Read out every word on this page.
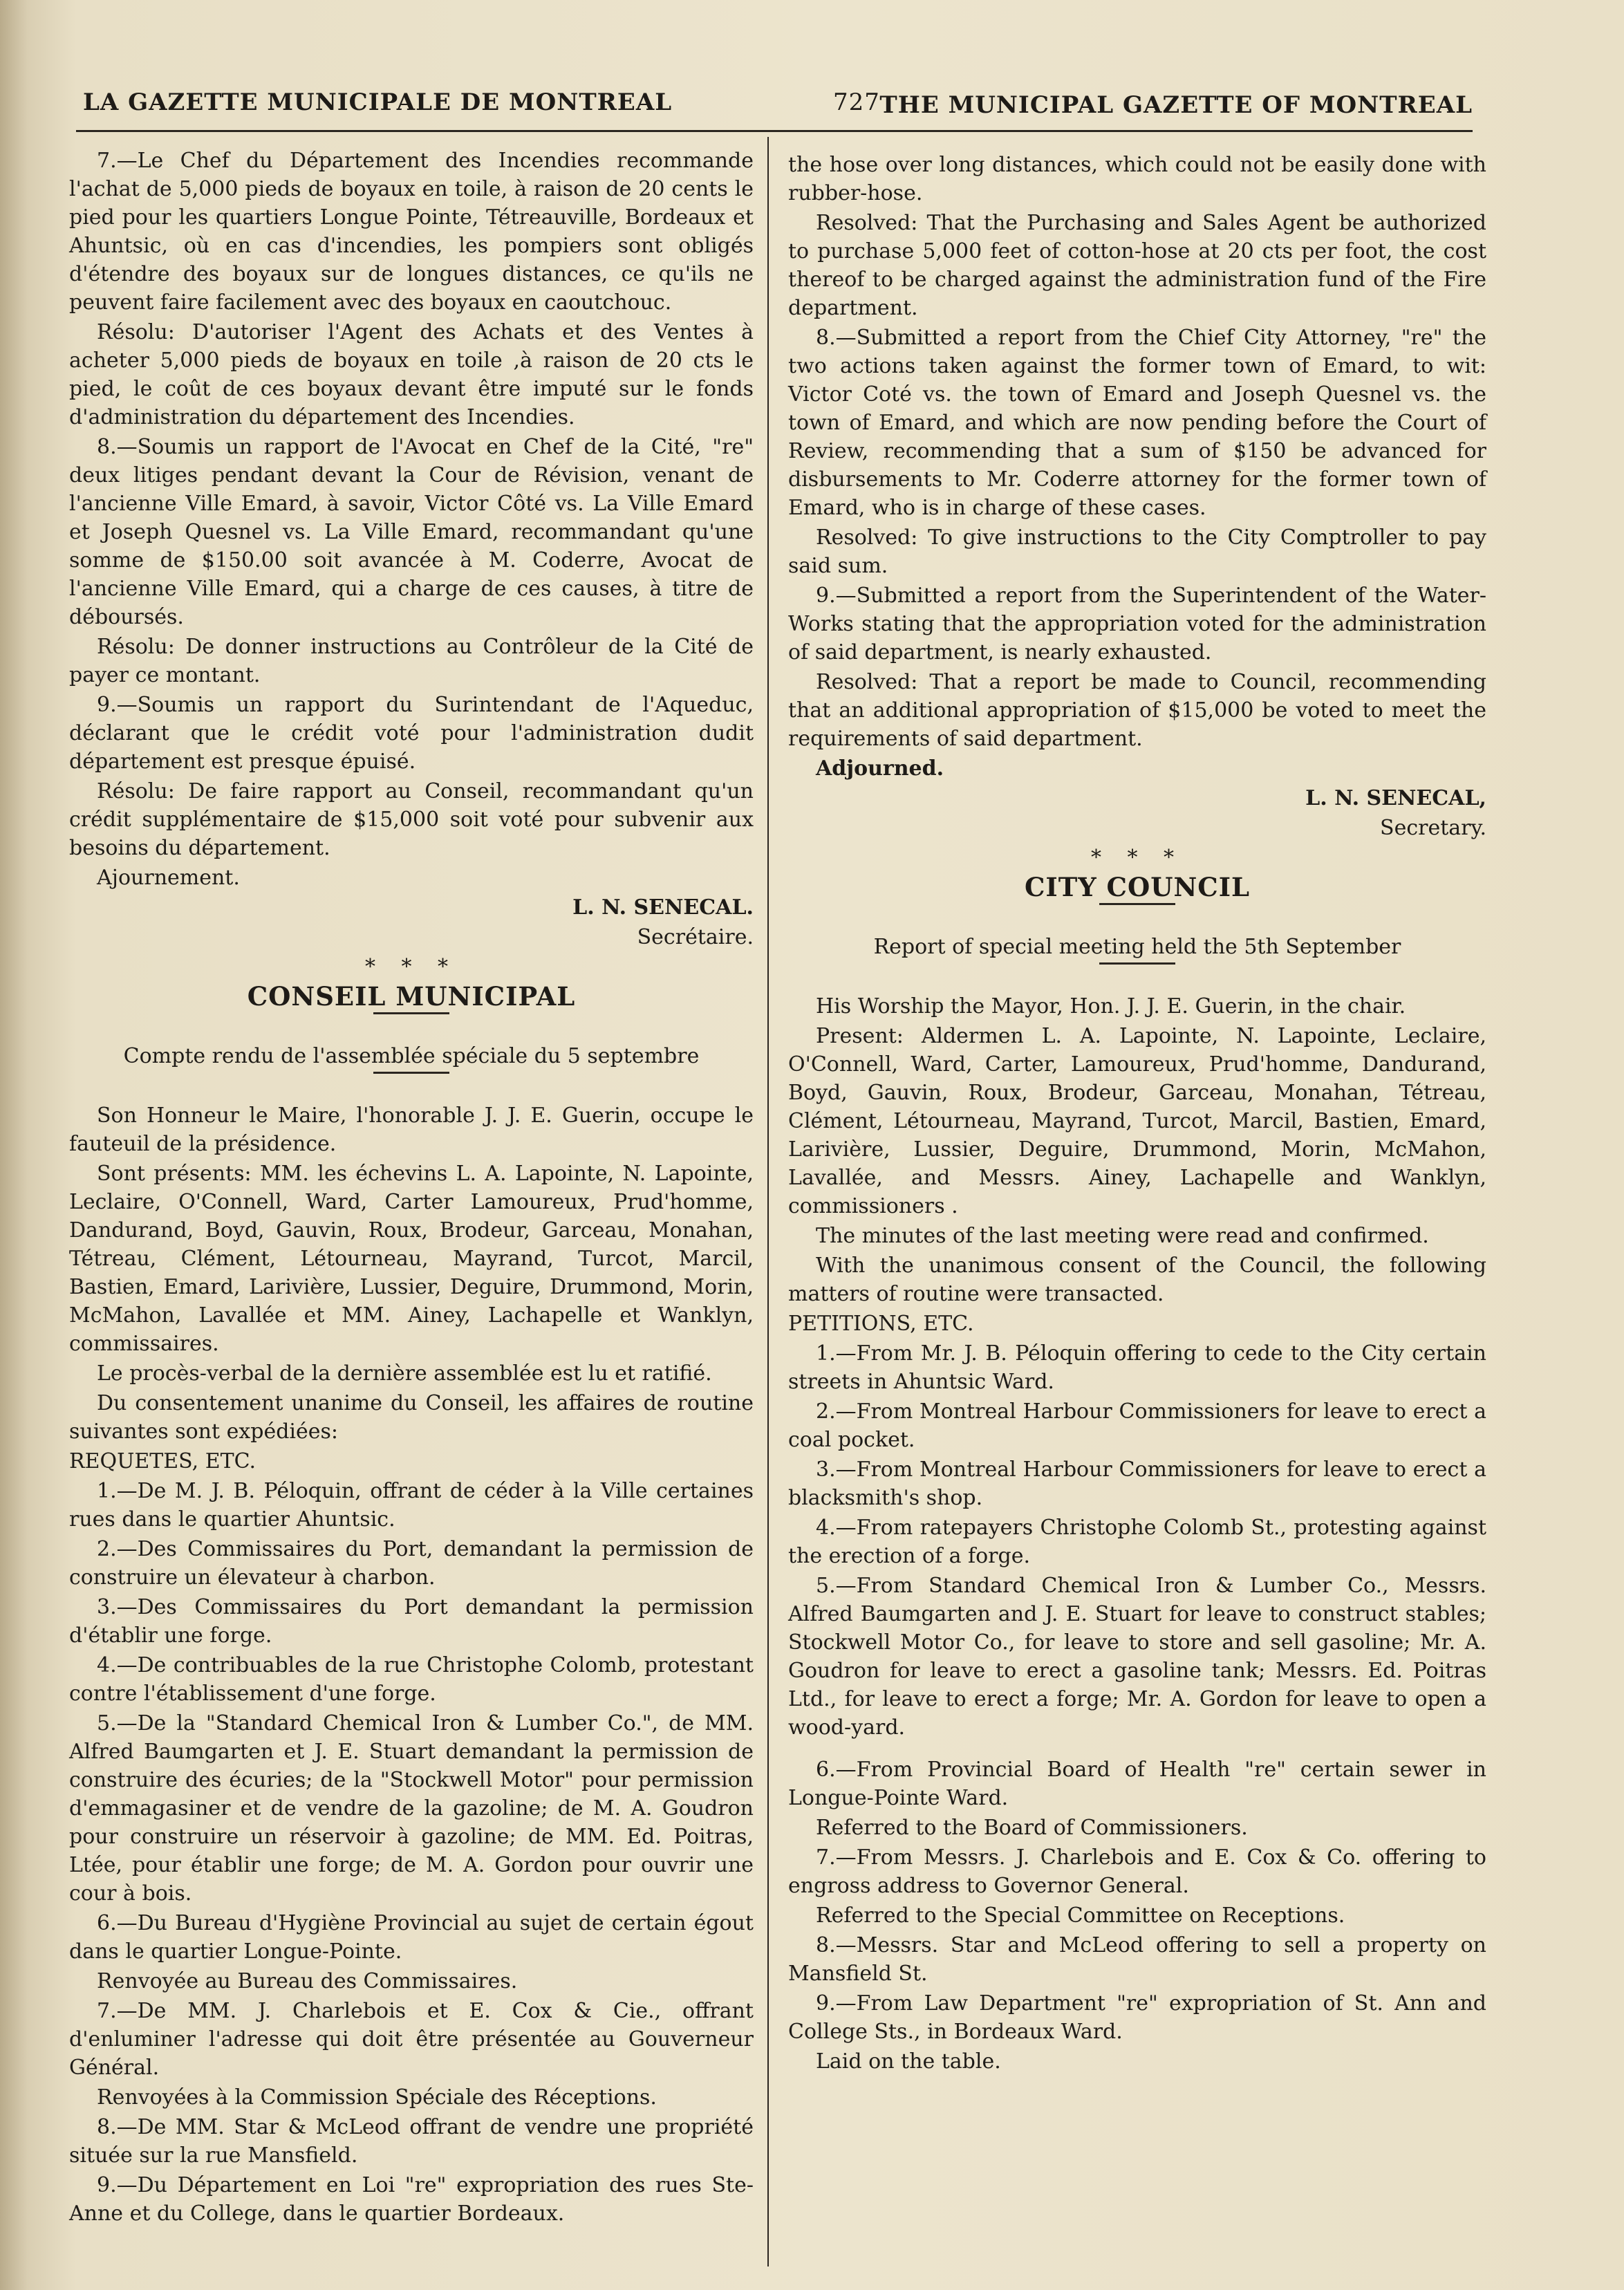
LA GAZETTE MUNICIPALE DE MONTREAL	727 THE MUNICIPAL GAZETTE OF MONTREAL

7.—Le Chef du Département des Incendies recommande l'achat de 5,000 pieds de boyaux en toile, à raison de 20 cents le pied pour les quartiers Longue Pointe, Tétreauville, Bordeaux et Ahuntsic, où en cas d'incendies, les pompiers sont obligés d'étendre des boyaux sur de longues distances, ce qu'ils ne peuvent faire facilement avec des boyaux en caoutchouc.

Résolu: D'autoriser l'Agent des Achats et des Ventes à acheter 5,000 pieds de boyaux en toile ,à raison de 20 cts le pied, le coût de ces boyaux devant être imputé sur le fonds d'administration du département des Incendies.

8.—Soumis un rapport de l'Avocat en Chef de la Cité, "re" deux litiges pendant devant la Cour de Révision, venant de l'ancienne Ville Emard, à savoir, Victor Côté vs. La Ville Emard et Joseph Quesnel vs. La Ville Emard, recommandant qu'une somme de $150.00 soit avancée à M. Coderre, Avocat de l'ancienne Ville Emard, qui a charge de ces causes, à titre de déboursés.

Résolu: De donner instructions au Contrôleur de la Cité de payer ce montant.

9.—Soumis un rapport du Surintendant de l'Aqueduc, déclarant que le crédit voté pour l'administration dudit département est presque épuisé.

Résolu: De faire rapport au Conseil, recommandant qu'un crédit supplémentaire de $15,000 soit voté pour subvenir aux besoins du département.

Ajournement.

L. N. SENECAL.

Secrétaire.

* * *

CONSEIL MUNICIPAL

Compte rendu de l'assemblée spéciale du 5 septembre

Son Honneur le Maire, l'honorable J. J. E. Guerin, occupe le fauteuil de la présidence.

Sont présents: MM. les échevins L. A. Lapointe, N. Lapointe, Leclaire, O'Connell, Ward, Carter Lamoureux, Prud'homme, Dandurand, Boyd, Gauvin, Roux, Brodeur, Garceau, Monahan, Tétreau, Clément, Létourneau, Mayrand, Turcot, Marcil, Bastien, Emard, Larivière, Lussier, Deguire, Drummond, Morin, McMahon, Lavallée et MM. Ainey, Lachapelle et Wanklyn, commissaires.

Le procès-verbal de la dernière assemblée est lu et ratifié.

Du consentement unanime du Conseil, les affaires de routine suivantes sont expédiées:

REQUETES, ETC.

1.—De M. J. B. Péloquin, offrant de céder à la Ville certaines rues dans le quartier Ahuntsic.

2.—Des Commissaires du Port, demandant la permission de construire un élevateur à charbon.

3.—Des Commissaires du Port demandant la permission d'établir une forge.

4.—De contribuables de la rue Christophe Colomb, protestant contre l'établissement d'une forge.

5.—De la "Standard Chemical Iron & Lumber Co.", de MM. Alfred Baumgarten et J. E. Stuart demandant la permission de construire des écuries; de la "Stockwell Motor" pour permission d'emmagasiner et de vendre de la gazoline; de M. A. Goudron pour construire un réservoir à gazoline; de MM. Ed. Poitras, Ltée, pour établir une forge; de M. A. Gordon pour ouvrir une cour à bois.

6.—Du Bureau d'Hygiène Provincial au sujet de certain égout dans le quartier Longue-Pointe.

Renvoyée au Bureau des Commissaires.

7.—De MM. J. Charlebois et E. Cox & Cie., offrant d'enluminer l'adresse qui doit être présentée au Gouverneur Général.

Renvoyées à la Commission Spéciale des Réceptions.

8.—De MM. Star & McLeod offrant de vendre une propriété située sur la rue Mansfield.

9.—Du Département en Loi "re" expropriation des rues Ste-Anne et du College, dans le quartier Bordeaux.

the hose over long distances, which could not be easily done with rubber-hose.

Resolved: That the Purchasing and Sales Agent be authorized to purchase 5,000 feet of cotton-hose at 20 cts per foot, the cost thereof to be charged against the administration fund of the Fire department.

8.—Submitted a report from the Chief City Attorney, "re" the two actions taken against the former town of Emard, to wit: Victor Coté vs. the town of Emard and Joseph Quesnel vs. the town of Emard, and which are now pending before the Court of Review, recommending that a sum of $150 be advanced for disbursements to Mr. Coderre attorney for the former town of Emard, who is in charge of these cases.

Resolved: To give instructions to the City Comptroller to pay said sum.

9.—Submitted a report from the Superintendent of the Water-Works stating that the appropriation voted for the administration of said department, is nearly exhausted.

Resolved: That a report be made to Council, recommending that an additional appropriation of $15,000 be voted to meet the requirements of said department.

Adjourned.

L. N. SENECAL,

Secretary.

* * *

CITY COUNCIL

Report of special meeting held the 5th September

His Worship the Mayor, Hon. J. J. E. Guerin, in the chair.

Present: Aldermen L. A. Lapointe, N. Lapointe, Leclaire, O'Connell, Ward, Carter, Lamoureux, Prud'homme, Dandurand, Boyd, Gauvin, Roux, Brodeur, Garceau, Monahan, Tétreau, Clément, Létourneau, Mayrand, Turcot, Marcil, Bastien, Emard, Larivière, Lussier, Deguire, Drummond, Morin, McMahon, Lavallée, and Messrs. Ainey, Lachapelle and Wanklyn, commissioners .

The minutes of the last meeting were read and confirmed.

With the unanimous consent of the Council, the following matters of routine were transacted.

PETITIONS, ETC.

1.—From Mr. J. B. Péloquin offering to cede to the City certain streets in Ahuntsic Ward.

2.—From Montreal Harbour Commissioners for leave to erect a coal pocket.

3.—From Montreal Harbour Commissioners for leave to erect a blacksmith's shop.

4.—From ratepayers Christophe Colomb St., protesting against the erection of a forge.

5.—From Standard Chemical Iron & Lumber Co., Messrs. Alfred Baumgarten and J. E. Stuart for leave to construct stables; Stockwell Motor Co., for leave to store and sell gasoline; Mr. A. Goudron for leave to erect a gasoline tank; Messrs. Ed. Poitras Ltd., for leave to erect a forge; Mr. A. Gordon for leave to open a wood-yard.

6.—From Provincial Board of Health "re" certain sewer in Longue-Pointe Ward.

Referred to the Board of Commissioners.

7.—From Messrs. J. Charlebois and E. Cox & Co. offering to engross address to Governor General.

Referred to the Special Committee on Receptions.

8.—Messrs. Star and McLeod offering to sell a property on Mansfield St.

9.—From Law Department "re" expropriation of St. Ann and College Sts., in Bordeaux Ward.

Laid on the table.
